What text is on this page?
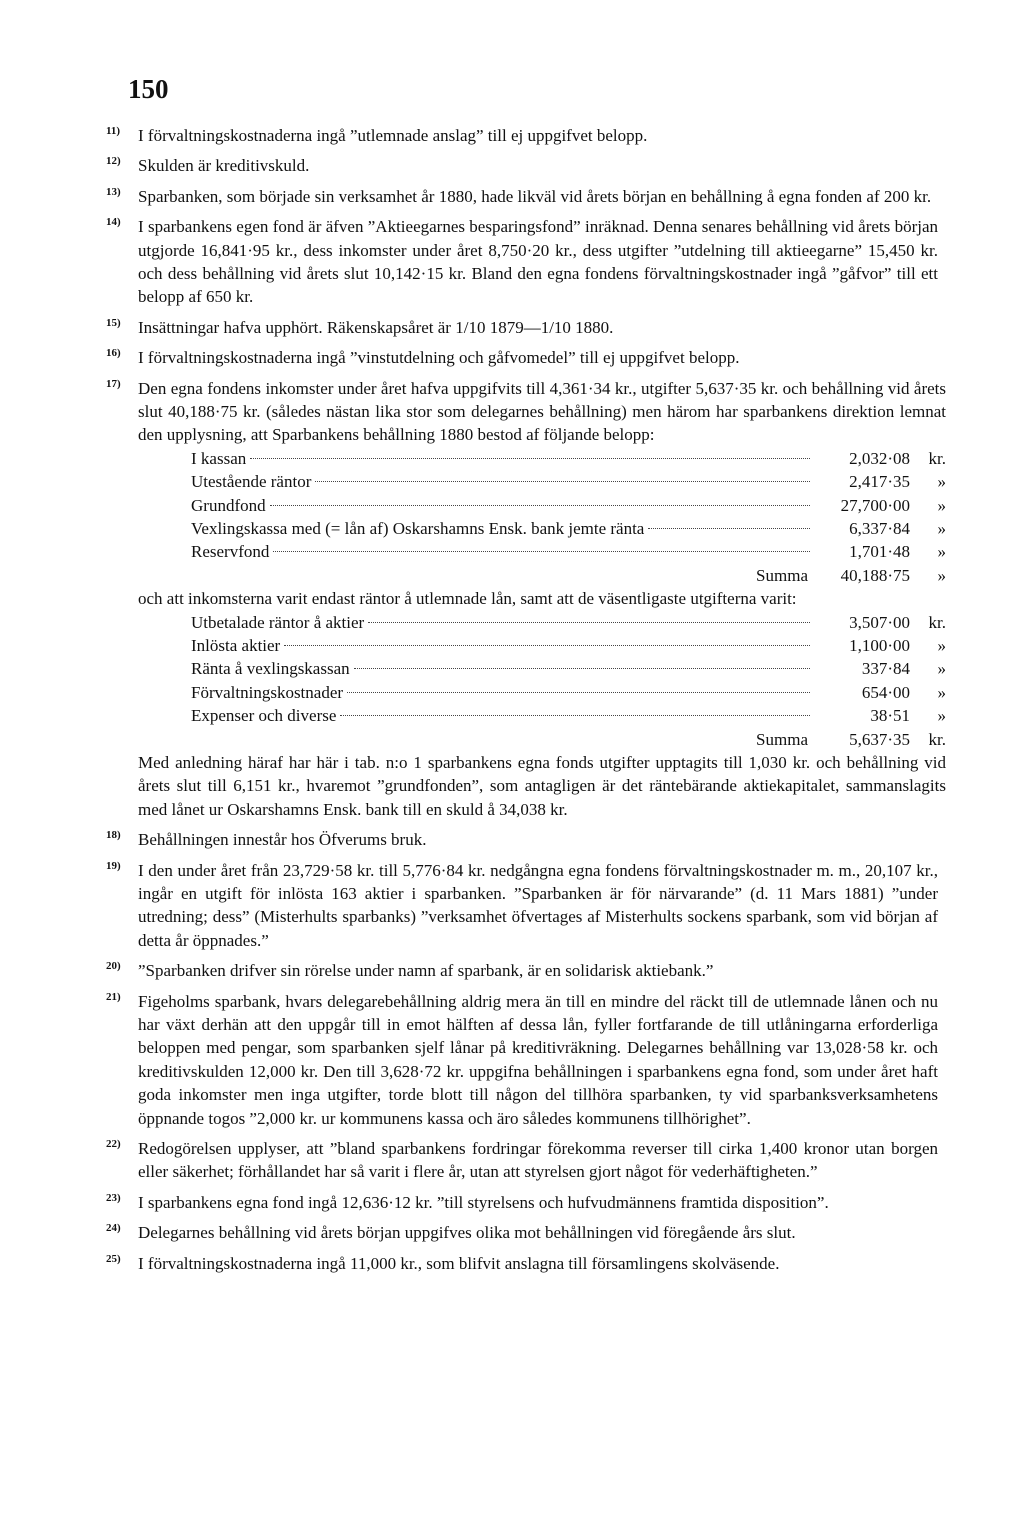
150
11)	I förvaltningskostnaderna ingå ”utlemnade anslag” till ej uppgifvet belopp.
12)	Skulden är kreditivskuld.
13)	Sparbanken, som började sin verksamhet år 1880, hade likväl vid årets början en behållning å egna fonden af 200 kr.
14)	I sparbankens egen fond är äfven ”Aktieegarnes besparingsfond” inräknad. Denna senares behållning vid årets början utgjorde 16,841·95 kr., dess inkomster under året 8,750·20 kr., dess utgifter ”utdelning till aktieegarne” 15,450 kr. och dess behållning vid årets slut 10,142·15 kr. Bland den egna fondens förvaltningskostnader ingå ”gåfvor” till ett belopp af 650 kr.
15)	Insättningar hafva upphört. Räkenskapsåret är 1/10 1879—1/10 1880.
16)	I förvaltningskostnaderna ingå ”vinstutdelning och gåfvomedel” till ej uppgifvet belopp.
17)	Den egna fondens inkomster under året hafva uppgifvits till 4,361·34 kr., utgifter 5,637·35 kr. och behållning vid årets slut 40,188·75 kr. (således nästan lika stor som delegarnes behållning) men härom har sparbankens direktion lemnat den upplysning, att Sparbankens behållning 1880 bestod af följande belopp:

I kassan	2,032·08	kr.
Utestående räntor	2,417·35	»
Grundfond	27,700·00	»
Vexlingskassa med (= lån af) Oskarshamns Ensk. bank jemte ränta	6,337·84	»
Reservfond	1,701·48	»
Summa	40,188·75	»

och att inkomsterna varit endast räntor å utlemnade lån, samt att de väsentligaste utgifterna varit:

Utbetalade räntor å aktier	3,507·00	kr.
Inlösta aktier	1,100·00	»
Ränta å vexlingskassan	337·84	»
Förvaltningskostnader	654·00	»
Expenser och diverse	38·51	»
Summa	5,637·35	kr.

Med anledning häraf har här i tab. n:o 1 sparbankens egna fonds utgifter upptagits till 1,030 kr. och behållning vid årets slut till 6,151 kr., hvaremot ”grundfonden”, som antagligen är det räntebärande aktiekapitalet, sammanslagits med lånet ur Oskarshamns Ensk. bank till en skuld å 34,038 kr.

18)	Behållningen innestår hos Öfverums bruk.
19)	I den under året från 23,729·58 kr. till 5,776·84 kr. nedgångna egna fondens förvaltningskostnader m. m., 20,107 kr., ingår en utgift för inlösta 163 aktier i sparbanken. ”Sparbanken är för närvarande” (d. 11 Mars 1881) ”under utredning; dess” (Misterhults sparbanks) ”verksamhet öfvertages af Misterhults sockens sparbank, som vid början af detta år öppnades.”
20)	”Sparbanken drifver sin rörelse under namn af sparbank, är en solidarisk aktiebank.”
21)	Figeholms sparbank, hvars delegarebehållning aldrig mera än till en mindre del räckt till de utlemnade lånen och nu har växt derhän att den uppgår till in emot hälften af dessa lån, fyller fortfarande de till utlåningarna erforderliga beloppen med pengar, som sparbanken sjelf lånar på kreditivräkning. Delegarnes behållning var 13,028·58 kr. och kreditivskulden 12,000 kr. Den till 3,628·72 kr. uppgifna behållningen i sparbankens egna fond, som under året haft goda inkomster men inga utgifter, torde blott till någon del tillhöra sparbanken, ty vid sparbanksverksamhetens öppnande togos ”2,000 kr. ur kommunens kassa och äro således kommunens tillhörighet”.
22)	Redogörelsen upplyser, att ”bland sparbankens fordringar förekomma reverser till cirka 1,400 kronor utan borgen eller säkerhet; förhållandet har så varit i flere år, utan att styrelsen gjort något för vederhäftigheten.”
23)	I sparbankens egna fond ingå 12,636·12 kr. ”till styrelsens och hufvudmännens framtida disposition”.
24)	Delegarnes behållning vid årets början uppgifves olika mot behållningen vid föregående års slut.
25)	I förvaltningskostnaderna ingå 11,000 kr., som blifvit anslagna till församlingens skolväsende.
